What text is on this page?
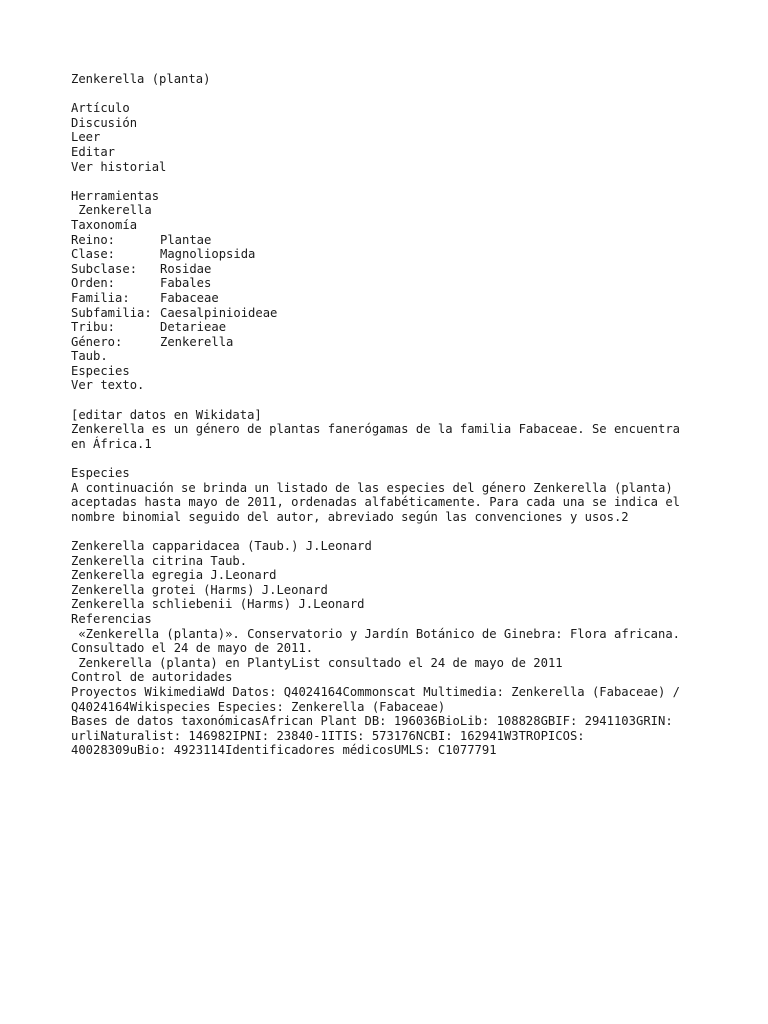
Zenkerella (planta)
Artículo
Discusión
Leer
Editar
Ver historial
Herramientas
Zenkerella
Taxonomía
Reino:	Plantae
Clase:	Magnoliopsida
Subclase:	Rosidae
Orden:	Fabales
Familia:	Fabaceae
Subfamilia: Caesalpinioideae
Tribu:	Detarieae
Género:	Zenkerella
Taub.
Especies
Ver texto.
[editar datos en Wikidata]
Zenkerella es un género de plantas fanerógamas de la familia Fabaceae. Se encuentra
en África.1
Especies
A continuación se brinda un listado de las especies del género Zenkerella (planta)
aceptadas hasta mayo de 2011, ordenadas alfabéticamente. Para cada una se indica el
nombre binomial seguido del autor, abreviado según las convenciones y usos.2
Zenkerella capparidacea (Taub.) J.Leonard
Zenkerella citrina Taub.
Zenkerella egregia J.Leonard
Zenkerella grotei (Harms) J.Leonard
Zenkerella schliebenii (Harms) J.Leonard
Referencias
«Zenkerella (planta)». Conservatorio y Jardín Botánico de Ginebra: Flora africana.
Consultado el 24 de mayo de 2011.
Zenkerella (planta) en PlantyList consultado el 24 de mayo de 2011
Control de autoridades
Proyectos WikimediaWd Datos: Q4024164Commonscat Multimedia: Zenkerella (Fabaceae) /
Q4024164Wikispecies Especies: Zenkerella (Fabaceae)
Bases de datos taxonómicasAfrican Plant DB: 196036BioLib: 108828GBIF: 2941103GRIN:
urliNaturalist: 146982IPNI: 23840-1ITIS: 573176NCBI: 162941W3TROPICOS:
40028309uBio: 4923114Identificadores médicosUMLS: C1077791
